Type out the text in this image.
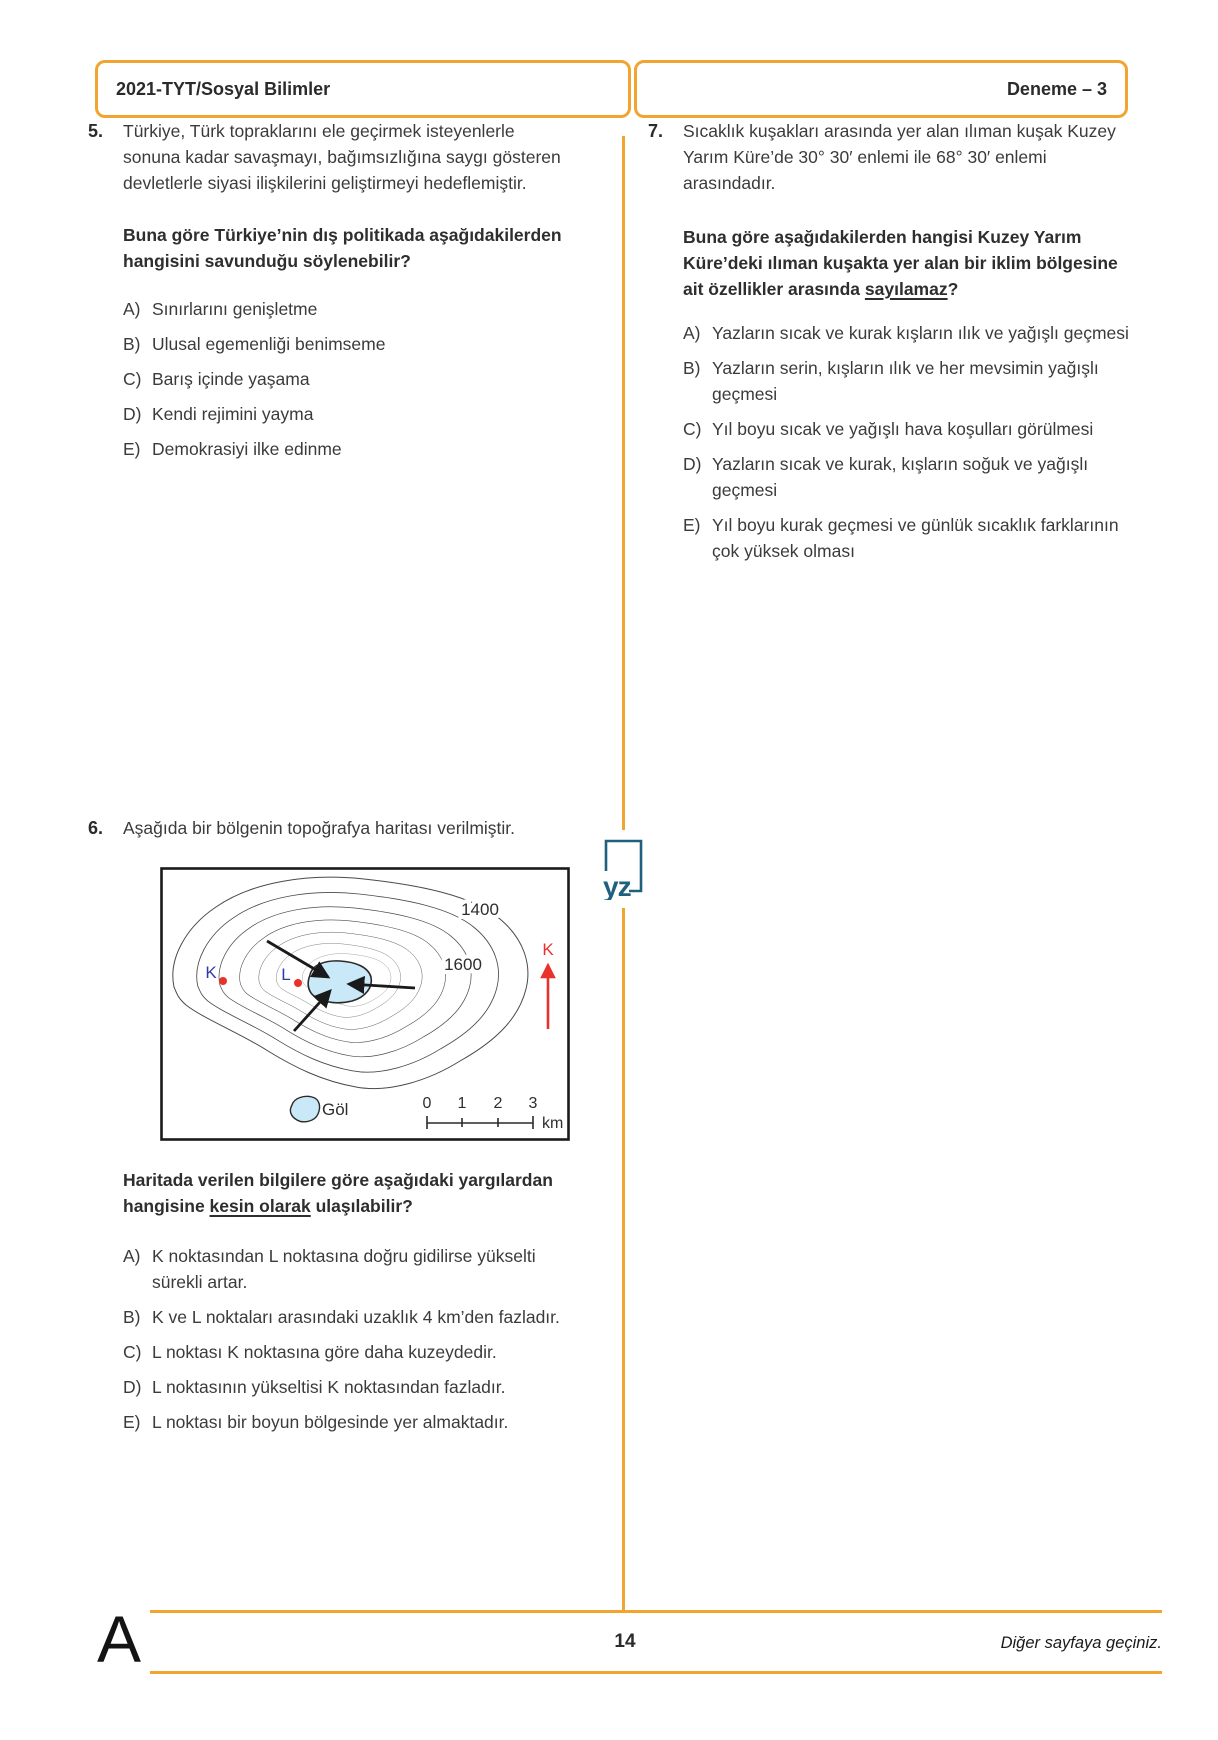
2021-TYT/Sosyal Bilimler	Deneme – 3
yz
5.	Türkiye, Türk topraklarını ele geçirmek isteyenlerle sonuna kadar savaşmayı, bağımsızlığına saygı gösteren devletlerle siyasi ilişkilerini geliştirmeyi hedeflemiştir.

Buna göre Türkiye’nin dış politikada aşağıdakilerden hangisini savunduğu söylenebilir?

A) Sınırlarını genişletme
B) Ulusal egemenliği benimseme
C) Barış içinde yaşama
D) Kendi rejimini yayma
E) Demokrasiyi ilke edinme
7.	Sıcaklık kuşakları arasında yer alan ılıman kuşak Kuzey Yarım Küre’de 30° 30′ enlemi ile 68° 30′ enlemi arasındadır.

Buna göre aşağıdakilerden hangisi Kuzey Yarım Küre’deki ılıman kuşakta yer alan bir iklim bölgesine ait özellikler arasında sayılamaz?

A) Yazların sıcak ve kurak kışların ılık ve yağışlı geçmesi
B) Yazların serin, kışların ılık ve her mevsimin yağışlı geçmesi
C) Yıl boyu sıcak ve yağışlı hava koşulları görülmesi
D) Yazların sıcak ve kurak, kışların soğuk ve yağışlı geçmesi
E) Yıl boyu kurak geçmesi ve günlük sıcaklık farklarının çok yüksek olması
6.	Aşağıda bir bölgenin topoğrafya haritası verilmiştir.

1400
1600
K	L
K
Göl	0 1 2 3
km

Haritada verilen bilgilere göre aşağıdaki yargılardan hangisine kesin olarak ulaşılabilir?

A) K noktasından L noktasına doğru gidilirse yükselti sürekli artar.
B) K ve L noktaları arasındaki uzaklık 4 km’den fazladır.
C) L noktası K noktasına göre daha kuzeydedir.
D) L noktasının yükseltisi K noktasından fazladır.
E) L noktası bir boyun bölgesinde yer almaktadır.
A	14	Diğer sayfaya geçiniz.
